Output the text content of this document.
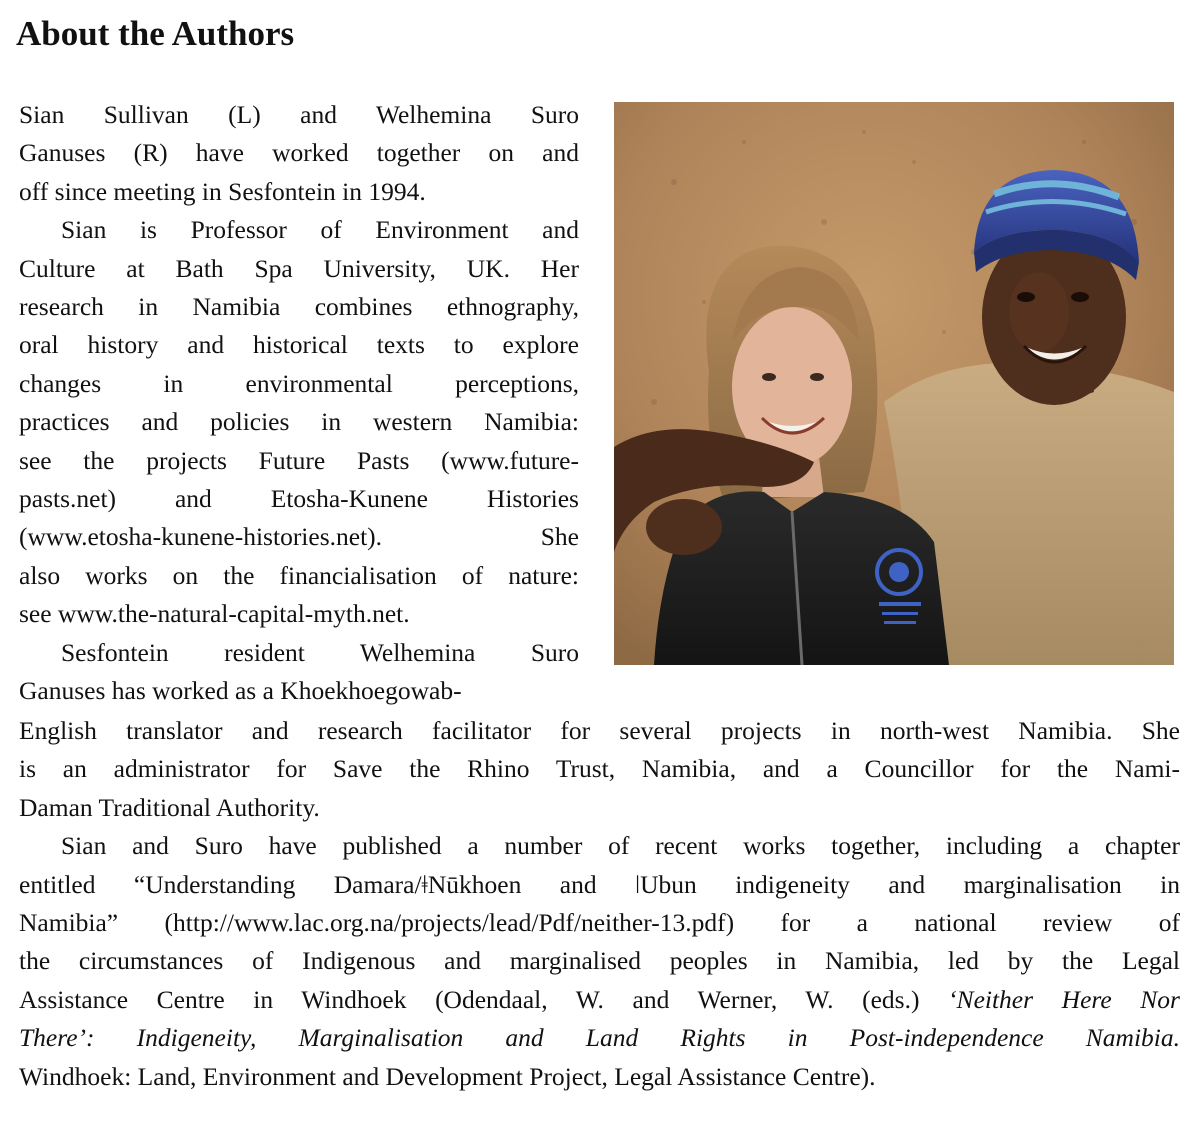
About the Authors

Sian Sullivan (L) and Welhemina Suro
Ganuses (R) have worked together on and
off since meeting in Sesfontein in 1994.

Sian is Professor of Environment and
Culture at Bath Spa University, UK. Her
research in Namibia combines ethnography,
oral history and historical texts to explore
changes in environmental perceptions,
practices and policies in western Namibia:
see the projects Future Pasts (www.future-
pasts.net) and Etosha-Kunene Histories
(www.etosha-kunene-histories.net). She
also works on the financialisation of nature:
see www.the-natural-capital-myth.net.

Sesfontein resident Welhemina Suro
Ganuses has worked as a Khoekhoegowab-

English translator and research facilitator for several projects in north-west Namibia. She
is an administrator for Save the Rhino Trust, Namibia, and a Councillor for the Nami-
Daman Traditional Authority.

Sian and Suro have published a number of recent works together, including a chapter
entitled “Understanding Damara/ǂNūkhoen and ǀUbun indigeneity and marginalisation in
Namibia” (http://www.lac.org.na/projects/lead/Pdf/neither-13.pdf) for a national review of
the circumstances of Indigenous and marginalised peoples in Namibia, led by the Legal
Assistance Centre in Windhoek (Odendaal, W. and Werner, W. (eds.) ‘Neither Here Nor
There’: Indigeneity, Marginalisation and Land Rights in Post-independence Namibia.
Windhoek: Land, Environment and Development Project, Legal Assistance Centre).
